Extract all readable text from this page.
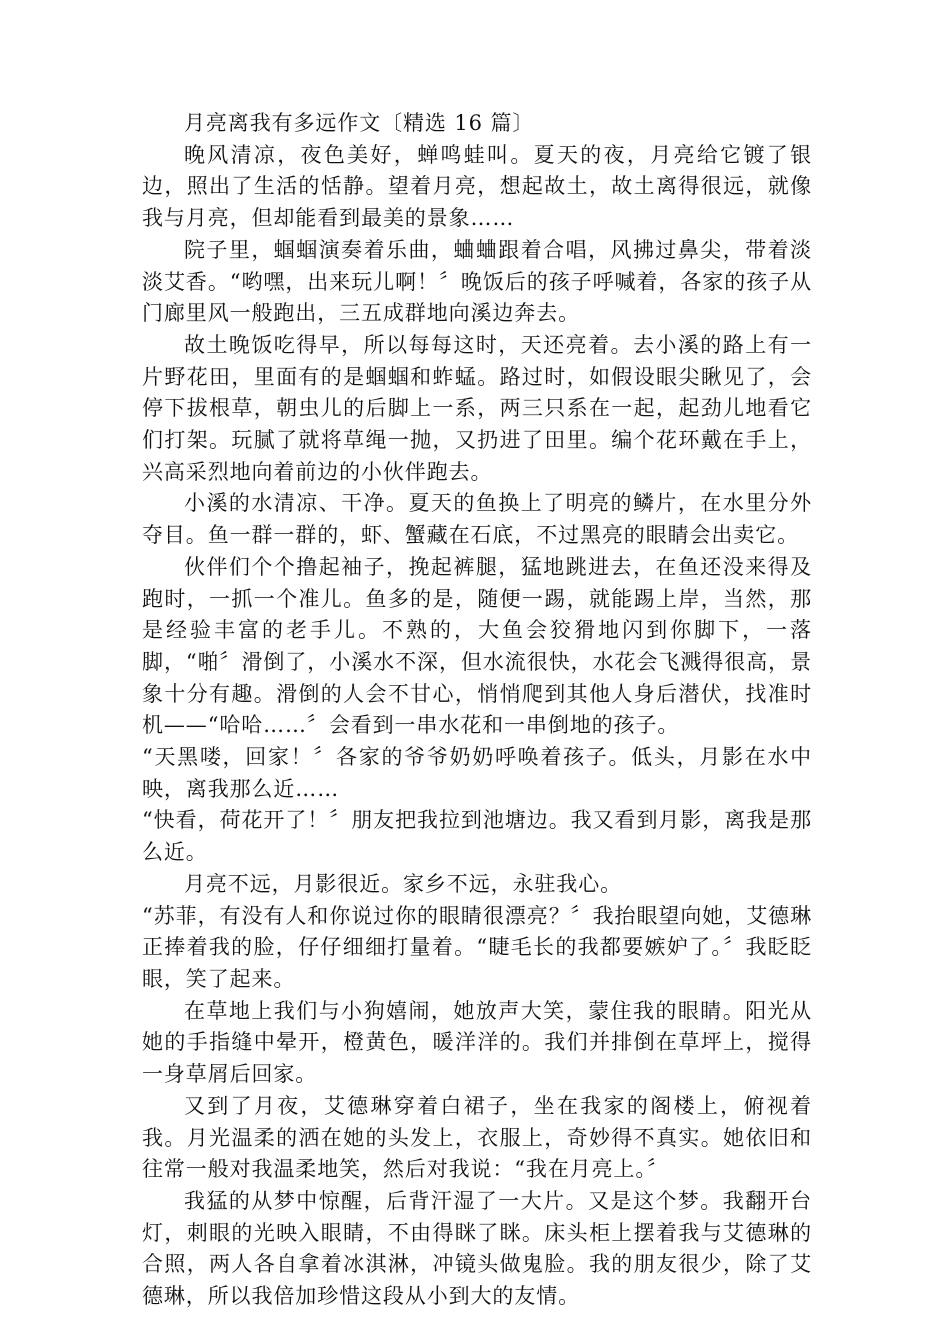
月亮离我有多远作文〔精选 16 篇〕

晚风清凉，夜色美好，蝉鸣蛙叫。夏天的夜，月亮给它镀了银边，照出了生活的恬静。望着月亮，想起故土，故土离得很远，就像我与月亮，但却能看到最美的景象……

院子里，蝈蝈演奏着乐曲，蛐蛐跟着合唱，风拂过鼻尖，带着淡淡艾香。“哟嘿，出来玩儿啊！〞晚饭后的孩子呼喊着，各家的孩子从门廊里风一般跑出，三五成群地向溪边奔去。

故土晚饭吃得早，所以每每这时，天还亮着。去小溪的路上有一片野花田，里面有的是蝈蝈和蚱蜢。路过时，如假设眼尖瞅见了，会停下拔根草，朝虫儿的后脚上一系，两三只系在一起，起劲儿地看它们打架。玩腻了就将草绳一抛，又扔进了田里。编个花环戴在手上，兴高采烈地向着前边的小伙伴跑去。

小溪的水清凉、干净。夏天的鱼换上了明亮的鳞片，在水里分外夺目。鱼一群一群的，虾、蟹藏在石底，不过黑亮的眼睛会出卖它。

伙伴们个个撸起袖子，挽起裤腿，猛地跳进去，在鱼还没来得及跑时，一抓一个准儿。鱼多的是，随便一踢，就能踢上岸，当然，那是经验丰富的老手儿。不熟的，大鱼会狡猾地闪到你脚下，一落脚，“啪〞滑倒了，小溪水不深，但水流很快，水花会飞溅得很高，景象十分有趣。滑倒的人会不甘心，悄悄爬到其他人身后潜伏，找准时机——“哈哈……〞会看到一串水花和一串倒地的孩子。

“天黑喽，回家！〞各家的爷爷奶奶呼唤着孩子。低头，月影在水中映，离我那么近……

“快看，荷花开了！〞朋友把我拉到池塘边。我又看到月影，离我是那么近。

月亮不远，月影很近。家乡不远，永驻我心。

“苏菲，有没有人和你说过你的眼睛很漂亮？〞我抬眼望向她，艾德琳正捧着我的脸，仔仔细细打量着。“睫毛长的我都要嫉妒了。〞我眨眨眼，笑了起来。

在草地上我们与小狗嬉闹，她放声大笑，蒙住我的眼睛。阳光从她的手指缝中晕开，橙黄色，暖洋洋的。我们并排倒在草坪上，搅得一身草屑后回家。

又到了月夜，艾德琳穿着白裙子，坐在我家的阁楼上，俯视着我。月光温柔的洒在她的头发上，衣服上，奇妙得不真实。她依旧和往常一般对我温柔地笑，然后对我说：“我在月亮上。〞

我猛的从梦中惊醒，后背汗湿了一大片。又是这个梦。我翻开台灯，刺眼的光映入眼睛，不由得眯了眯。床头柜上摆着我与艾德琳的合照，两人各自拿着冰淇淋，冲镜头做鬼脸。我的朋友很少，除了艾德琳，所以我倍加珍惜这段从小到大的友情。
